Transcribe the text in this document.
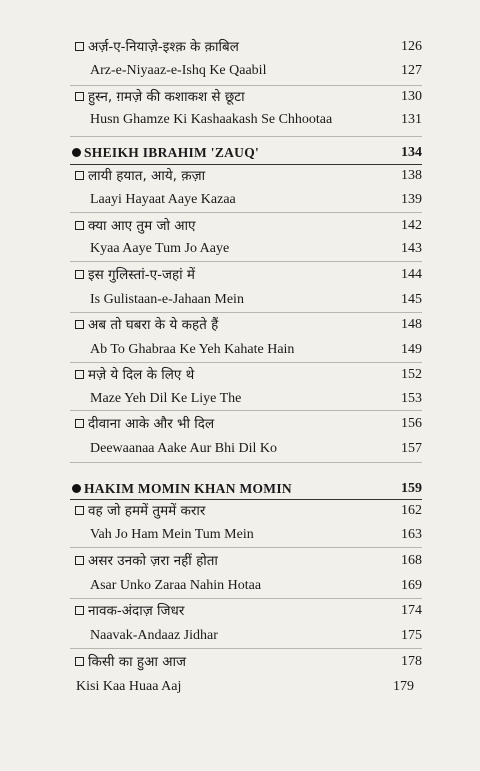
अर्ज़-ए-नियाज़े-इश्क़ के क़ाबिल	126
Arz-e-Niyaaz-e-Ishq Ke Qaabil	127
हुस्न, ग़मज़े की कशाकश से छूटा	130
Husn Ghamze Ki Kashaakash Se Chhootaa	131
SHEIKH IBRAHIM 'ZAUQ'	134
लायी हयात, आये, क़ज़ा	138
Laayi Hayaat Aaye Kazaa	139
क्या आए तुम जो आए	142
Kyaa Aaye Tum Jo Aaye	143
इस गुलिस्तां-ए-जहां में	144
Is Gulistaan-e-Jahaan Mein	145
अब तो घबरा के ये कहते हैं	148
Ab To Ghabraa Ke Yeh Kahate Hain	149
मज़े ये दिल के लिए थे	152
Maze Yeh Dil Ke Liye The	153
दीवाना आके और भी दिल	156
Deewaanaa Aake Aur Bhi Dil Ko	157
HAKIM MOMIN KHAN MOMIN	159
वह जो हममें तुममें करार	162
Vah Jo Ham Mein Tum Mein	163
असर उनको ज़रा नहीं होता	168
Asar Unko Zaraa Nahin Hotaa	169
नावक-अंदाज़ जिधर	174
Naavak-Andaaz Jidhar	175
किसी का हुआ आज	178
Kisi Kaa Huaa Aaj	179
